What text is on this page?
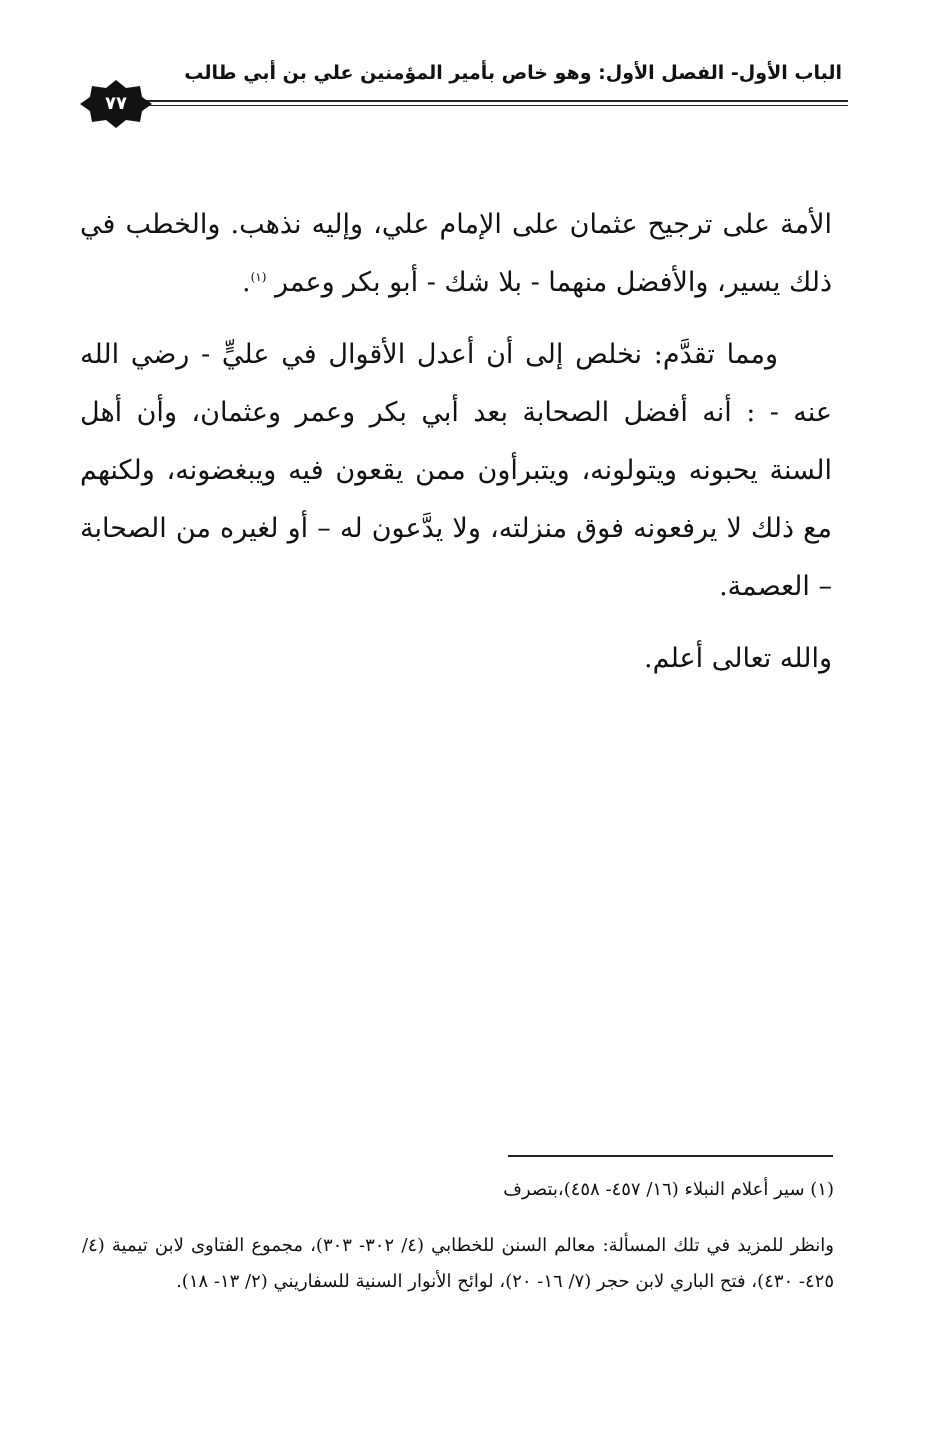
الباب الأول- الفصل الأول: وهو خاص بأمير المؤمنين علي بن أبي طالب
٧٧

الأمة على ترجيح عثمان على الإمام علي، وإليه نذهب. والخطب في ذلك يسير، والأفضل منهما - بلا شك - أبو بكر وعمر $^{(١)}$.

ومما تقدَّم: نخلص إلى أن أعدل الأقوال في عليٍّ - رضي الله عنه - : أنه أفضل الصحابة بعد أبي بكر وعمر وعثمان، وأن أهل السنة يحبونه ويتولونه، ويتبرأون ممن يقعون فيه ويبغضونه، ولكنهم مع ذلك لا يرفعونه فوق منزلته، ولا يدَّعون له – أو لغيره من الصحابة – العصمة.

والله تعالى أعلم.

(١) سير أعلام النبلاء (١٦/ ٤٥٧- ٤٥٨)،بتصرف

وانظر للمزيد في تلك المسألة: معالم السنن للخطابي (٤/ ٣٠٢- ٣٠٣)، مجموع الفتاوى لابن تيمية (٤/ ٤٢٥- ٤٣٠)، فتح الباري لابن حجر (٧/ ١٦- ٢٠)، لوائح الأنوار السنية للسفاريني (٢/ ١٣- ١٨).
